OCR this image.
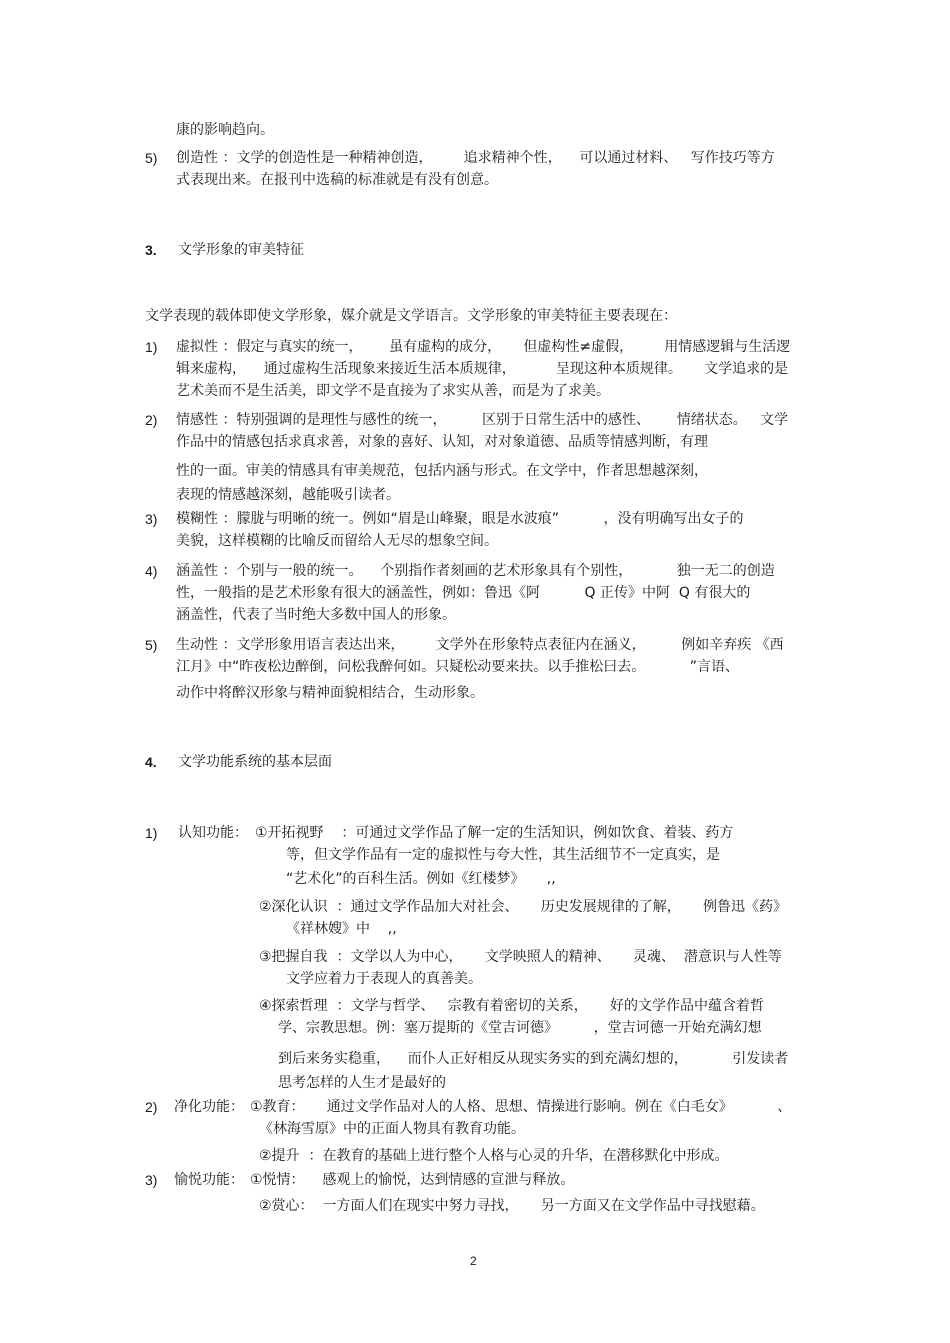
康的影响趋向。
5) 创造性 ：文学的创造性是一种精神创造，       追求精神个性，    可以通过材料、   写作技巧等方
式表现出来。在报刊中选稿的标准就是有没有创意。
3. 文学形象的审美特征
文学表现的载体即使文学形象，媒介就是文学语言。文学形象的审美特征主要表现在：
1) 虚拟性 ：假定与真实的统一，      虽有虚构的成分，     但虚构性≠虚假，       用情感逻辑与生活逻
辑来虚构，    通过虚构生活现象来接近生活本质规律，         呈现这种本质规律。     文学追求的是
艺术美而不是生活美，即文学不是直接为了求实从善，而是为了求美。
2) 情感性 ：特别强调的是理性与感性的统一，        区别于日常生活中的感性、      情绪状态。   文学
作品中的情感包括求真求善，对象的喜好、认知，对对象道德、品质等情感判断，有理
性的一面。审美的情感具有审美规范，包括内涵与形式。在文学中，作者思想越深刻，
表现的情感越深刻，越能吸引读者。
3) 模糊性 ：朦胧与明晰的统一。例如“眉是山峰聚，眼是水波痕”          ，没有明确写出女子的
美貌，这样模糊的比喻反而留给人无尽的想象空间。
4) 涵盖性 ：个别与一般的统一。    个别指作者刻画的艺术形象具有个别性，          独一无二的创造
性，一般指的是艺术形象有很大的涵盖性，例如：鲁迅《阿          Q 正传》中阿  Q 有很大的
涵盖性，代表了当时绝大多数中国人的形象。
5) 生动性 ：文学形象用语言表达出来，       文学外在形象特点表征内在涵义，        例如辛弃疾 《西
江月》中“昨夜松边醉倒，问松我醉何如。只疑松动要来扶。以手推松曰去。          ”言语、
动作中将醉汉形象与精神面貌相结合，生动形象。
4. 文学功能系统的基本层面
1) 认知功能： ①开拓视野    ：可通过文学作品了解一定的生活知识，例如饮食、着装、药方
等，但文学作品有一定的虚拟性与夸大性，其生活细节不一定真实，是
“艺术化”的百科生活。例如《红楼梦》     ,,
②深化认识  ：通过文学作品加大对社会、     历史发展规律的了解，     例鲁迅《药》
《祥林嫂》中    ,,
③把握自我  ：文学以人为中心，     文学映照人的精神、     灵魂、  潜意识与人性等
文学应着力于表现人的真善美。
④探索哲理  ：文学与哲学、   宗教有着密切的关系，     好的文学作品中蕴含着哲
学、宗教思想。例：塞万提斯的《堂吉诃德》        ，堂吉诃德一开始充满幻想
到后来务实稳重，    而仆人正好相反从现实务实的到充满幻想的，          引发读者
思考怎样的人生才是最好的
2) 净化功能： ①教育：     通过文学作品对人的人格、思想、情操进行影响。例在《白毛女》          、
《林海雪原》中的正面人物具有教育功能。
②提升  ：在教育的基础上进行整个人格与心灵的升华，在潜移默化中形成。
3) 愉悦功能： ①悦情：    感观上的愉悦，达到情感的宣泄与释放。
②赏心：  一方面人们在现实中努力寻找，     另一方面又在文学作品中寻找慰藉。
2
